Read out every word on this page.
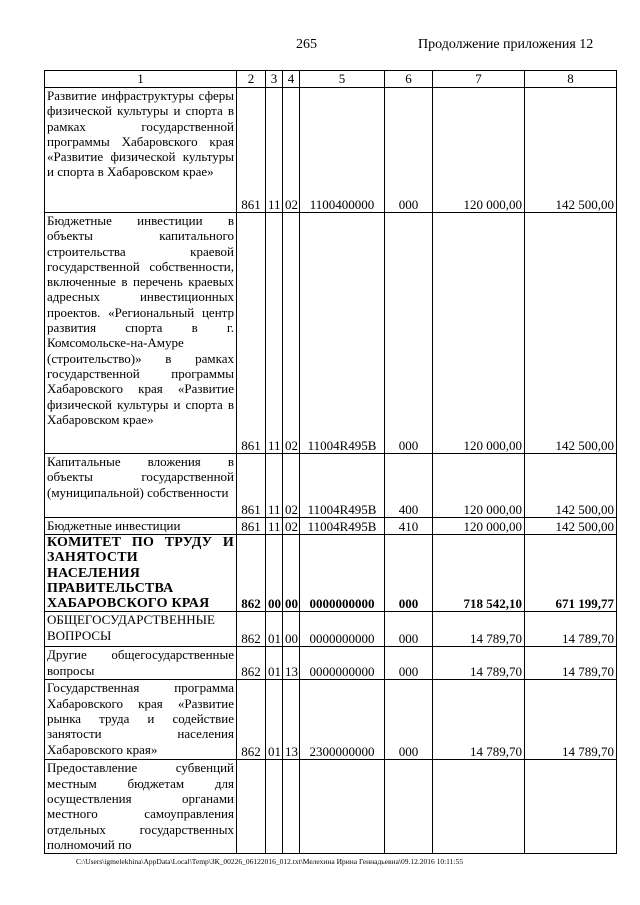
265	Продолжение приложения 12
1	2	3	4	5	6	7	8
Развитие инфраструктуры сферы физической культуры и спорта в рамках государственной программы Хабаровского края «Развитие физической культуры и спорта в Хабаровском крае»	861	11	02	1100400000	000	120 000,00	142 500,00
Бюджетные инвестиции в объекты капитального строительства краевой государственной собственности, включенные в перечень краевых адресных инвестиционных проектов. «Региональный центр развития спорта в г. Комсомольске-на-Амуре (строительство)» в рамках государственной программы Хабаровского края «Развитие физической культуры и спорта в Хабаровском крае»	861	11	02	11004R495B	000	120 000,00	142 500,00
Капитальные вложения в объекты государственной (муниципальной) собственности	861	11	02	11004R495B	400	120 000,00	142 500,00
Бюджетные инвестиции	861	11	02	11004R495B	410	120 000,00	142 500,00
КОМИТЕТ ПО ТРУДУ И ЗАНЯТОСТИ НАСЕЛЕНИЯ ПРАВИТЕЛЬСТВА ХАБАРОВСКОГО КРАЯ	862	00	00	0000000000	000	718 542,10	671 199,77
ОБЩЕГОСУДАРСТВЕННЫЕ ВОПРОСЫ	862	01	00	0000000000	000	14 789,70	14 789,70
Другие общегосударственные вопросы	862	01	13	0000000000	000	14 789,70	14 789,70
Государственная программа Хабаровского края «Развитие рынка труда и содействие занятости населения Хабаровского края»	862	01	13	2300000000	000	14 789,70	14 789,70
Предоставление субвенций местным бюджетам для осуществления органами местного самоуправления отдельных государственных полномочий по							
C:\Users\igmelekhina\AppData\Local\Temp\ЗК_00226_06122016_012.txt\Мелехина Ирина Геннадьевна\09.12.2016 10:11:55
